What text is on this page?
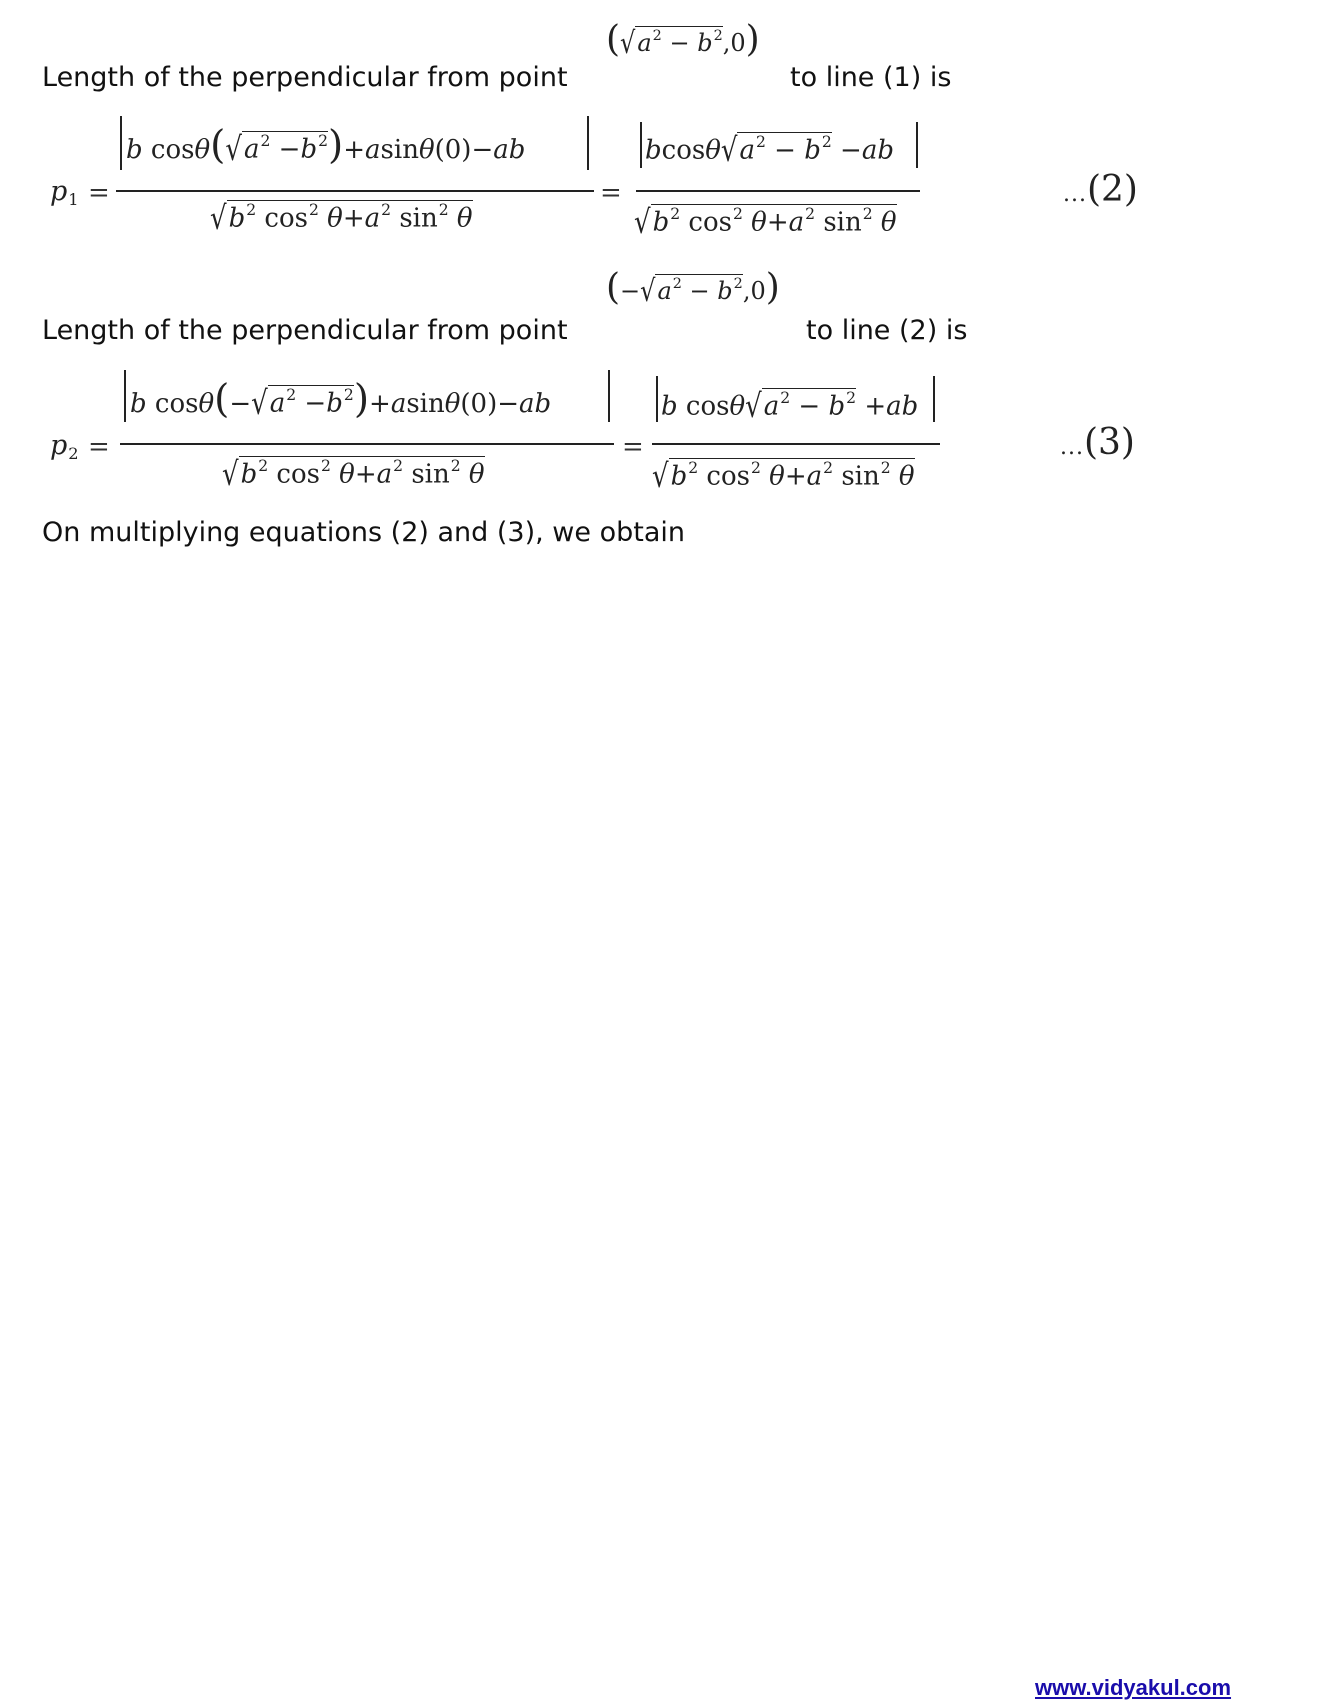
Length of the perpendicular from point
$(√a^2 - b^2,0)$
to line (1) is
$p_1$ =
b $\cos\theta(√a^2 -b^2)+asin\theta(0)-ab$
$√b^2$ $\cos^2 \theta+a^2$ $\sin^2 \theta$
=
$bcos\theta√a^2 - b^2 -ab$
$√b^2$ $\cos^2 \theta+a^2$ $\sin^2 \theta$
...(2)
Length of the perpendicular from point
$(-√a^2 - b^2,0)$
to line (2) is
$p_2$ =
b $\cos\theta(-√a^2 -b^2)+asin\theta(0)-ab$
$√b^2$ $\cos^2 \theta+a^2$ $\sin^2 \theta$
=
b $\cos\theta√a^2 - b^2 +ab$
$√b^2$ $\cos^2 \theta+a^2$ $\sin^2 \theta$
...(3)
On multiplying equations (2) and (3), we obtain
www.vidyakul.com
